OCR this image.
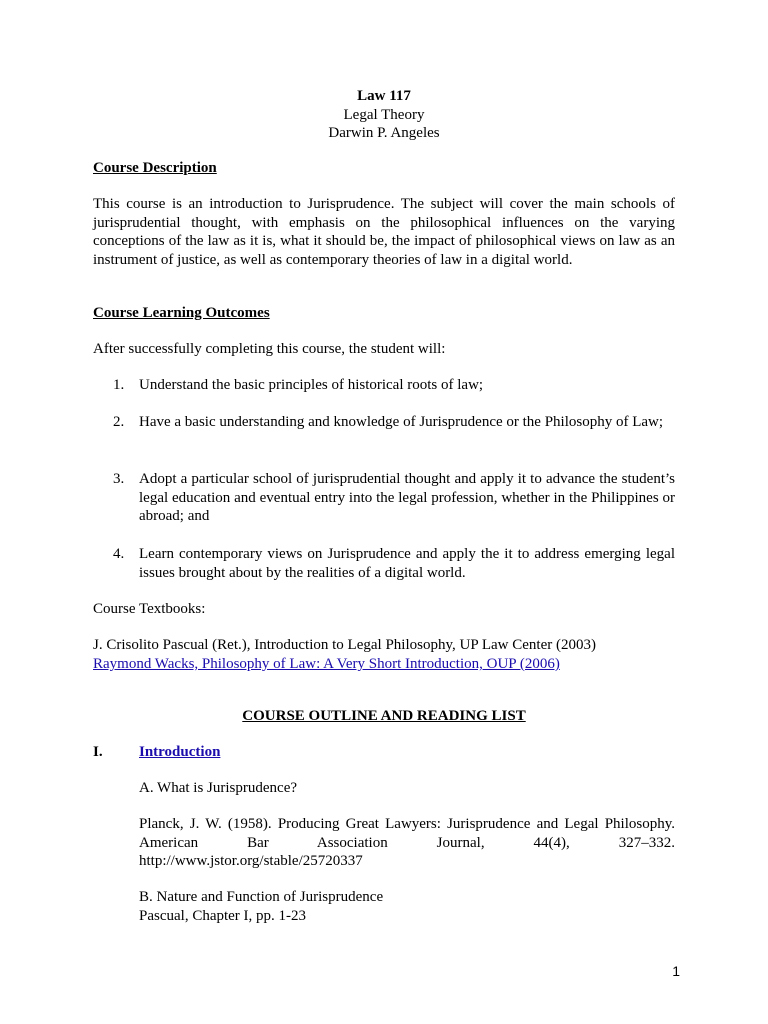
Law 117
Legal Theory
Darwin P. Angeles
Course Description
This course is an introduction to Jurisprudence. The subject will cover the main schools of jurisprudential thought, with emphasis on the philosophical influences on the varying conceptions of the law as it is, what it should be, the impact of philosophical views on law as an instrument of justice, as well as contemporary theories of law in a digital world.
Course Learning Outcomes
After successfully completing this course, the student will:
1. Understand the basic principles of historical roots of law;
2. Have a basic understanding and knowledge of Jurisprudence or the Philosophy of Law;
3. Adopt a particular school of jurisprudential thought and apply it to advance the student’s legal education and eventual entry into the legal profession, whether in the Philippines or abroad; and
4. Learn contemporary views on Jurisprudence and apply the it to address emerging legal issues brought about by the realities of a digital world.
Course Textbooks:
J. Crisolito Pascual (Ret.), Introduction to Legal Philosophy, UP Law Center (2003)
Raymond Wacks, Philosophy of Law: A Very Short Introduction, OUP (2006)
COURSE OUTLINE AND READING LIST
I. Introduction
A. What is Jurisprudence?
Planck, J. W. (1958). Producing Great Lawyers: Jurisprudence and Legal Philosophy. American Bar Association Journal, 44(4), 327–332. http://www.jstor.org/stable/25720337
B. Nature and Function of Jurisprudence
Pascual, Chapter I, pp. 1-23
1
